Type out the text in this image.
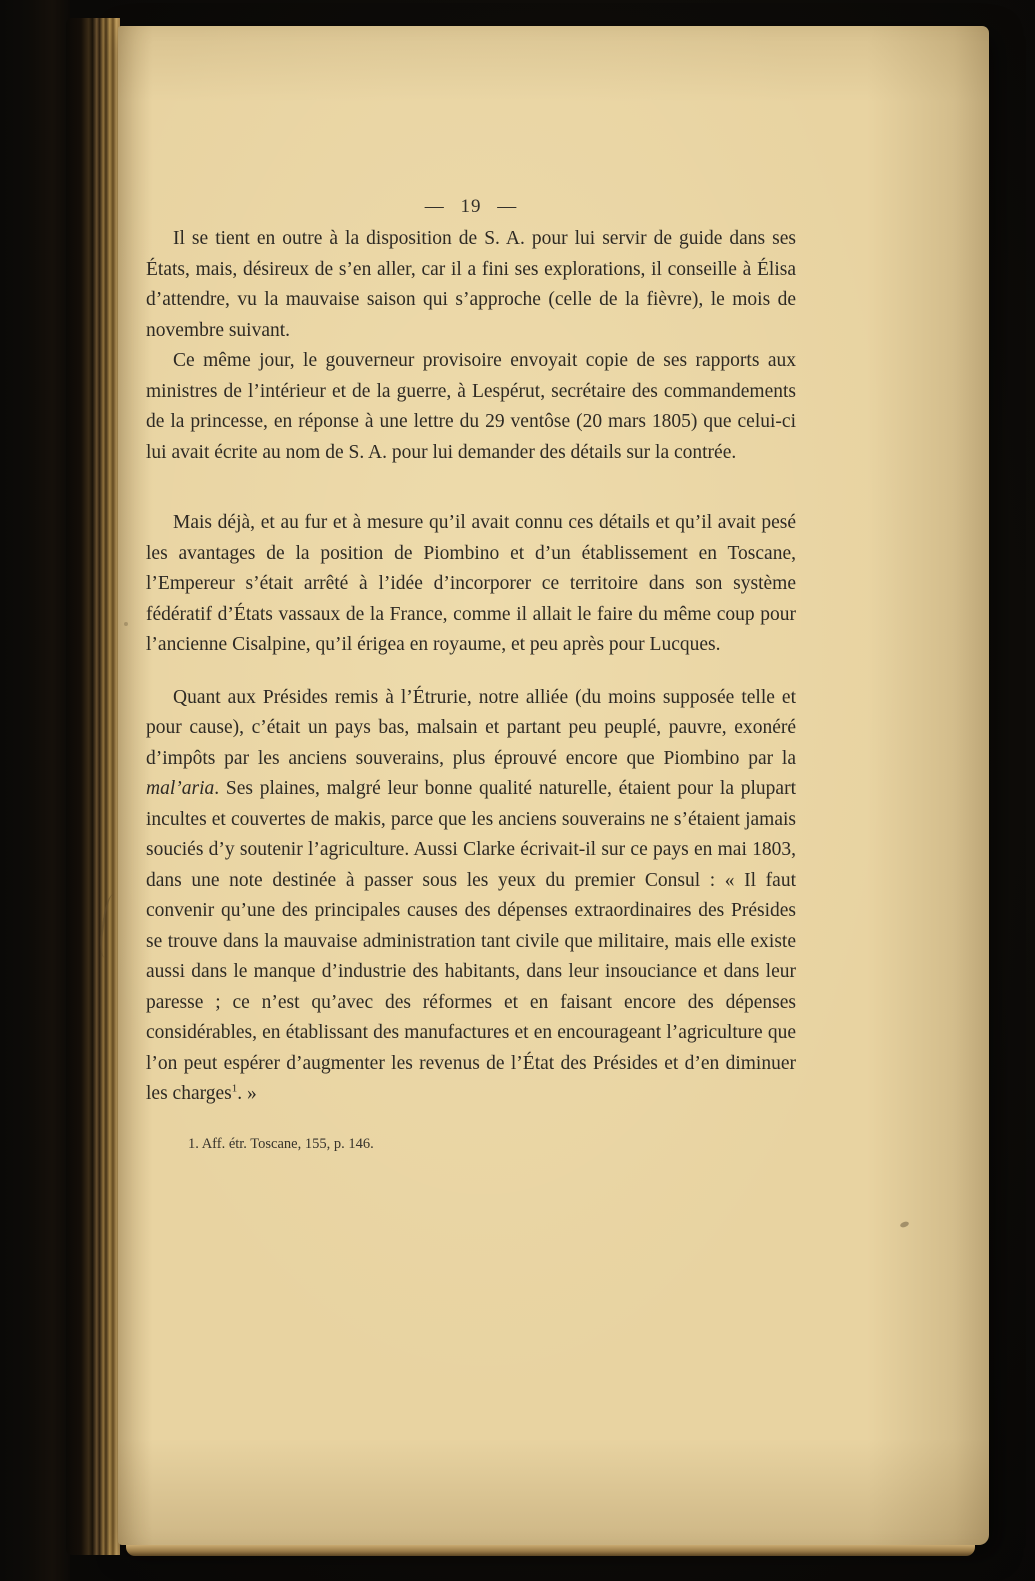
— 19 —

Il se tient en outre à la disposition de S. A. pour lui servir de guide dans ses États, mais, désireux de s’en aller, car il a fini ses explorations, il conseille à Élisa d’attendre, vu la mauvaise saison qui s’approche (celle de la fièvre), le mois de novembre suivant.

Ce même jour, le gouverneur provisoire envoyait copie de ses rapports aux ministres de l’intérieur et de la guerre, à Lespérut, secrétaire des commandements de la princesse, en réponse à une lettre du 29 ventôse (20 mars 1805) que celui-ci lui avait écrite au nom de S. A. pour lui demander des détails sur la contrée.

Mais déjà, et au fur et à mesure qu’il avait connu ces détails et qu’il avait pesé les avantages de la position de Piombino et d’un établissement en Toscane, l’Empereur s’était arrêté à l’idée d’incorporer ce territoire dans son système fédératif d’États vassaux de la France, comme il allait le faire du même coup pour l’ancienne Cisalpine, qu’il érigea en royaume, et peu après pour Lucques.

Quant aux Présides remis à l’Étrurie, notre alliée (du moins supposée telle et pour cause), c’était un pays bas, malsain et partant peu peuplé, pauvre, exonéré d’impôts par les anciens souverains, plus éprouvé encore que Piombino par la mal’aria. Ses plaines, malgré leur bonne qualité naturelle, étaient pour la plupart incultes et couvertes de makis, parce que les anciens souverains ne s’étaient jamais souciés d’y soutenir l’agriculture. Aussi Clarke écrivait-il sur ce pays en mai 1803, dans une note destinée à passer sous les yeux du premier Consul : « Il faut convenir qu’une des principales causes des dépenses extraordinaires des Présides se trouve dans la mauvaise administration tant civile que militaire, mais elle existe aussi dans le manque d’industrie des habitants, dans leur insouciance et dans leur paresse ; ce n’est qu’avec des réformes et en faisant encore des dépenses considérables, en établissant des manufactures et en encourageant l’agriculture que l’on peut espérer d’augmenter les revenus de l’État des Présides et d’en diminuer les charges$^1$. »

1. Aff. étr. Toscane, 155, p. 146.
